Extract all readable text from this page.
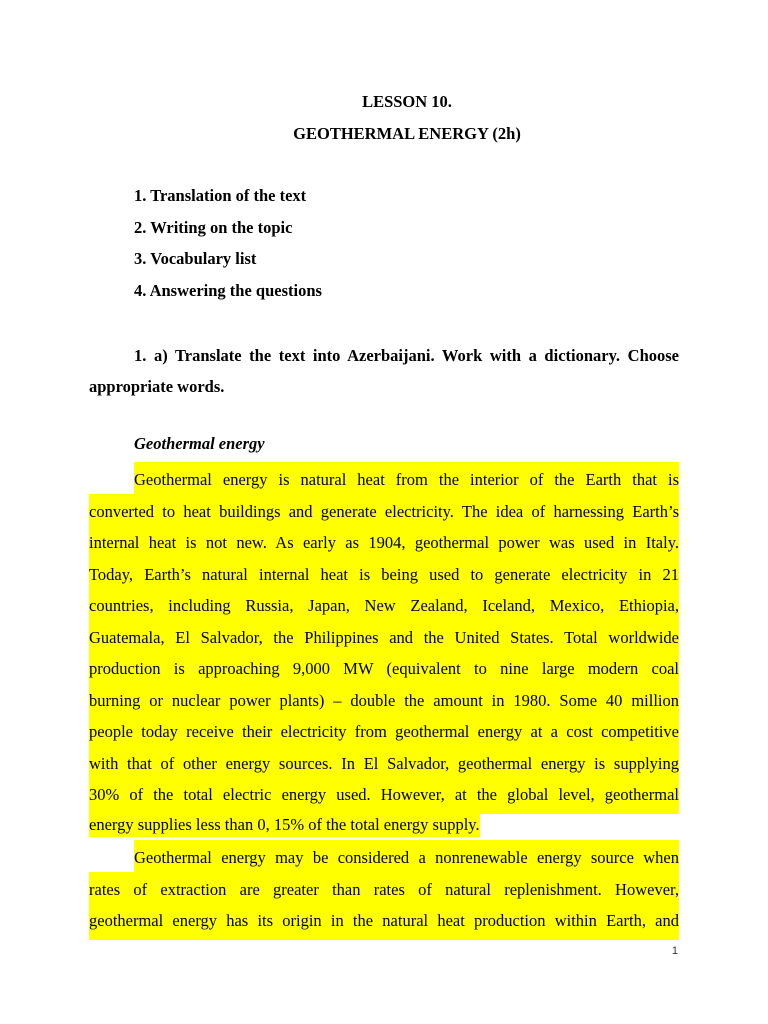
LESSON 10.
GEOTHERMAL ENERGY (2h)
1. Translation of the text
2. Writing on the topic
3. Vocabulary list
4. Answering the questions

1. a) Translate the text into Azerbaijani. Work with a dictionary. Choose appropriate words.

Geothermal energy

Geothermal energy is natural heat from the interior of the Earth that is
converted to heat buildings and generate electricity. The idea of harnessing Earth’s
internal heat is not new. As early as 1904, geothermal power was used in Italy.
Today, Earth’s natural internal heat is being used to generate electricity in 21
countries, including Russia, Japan, New Zealand, Iceland, Mexico, Ethiopia,
Guatemala, El Salvador, the Philippines and the United States. Total worldwide
production is approaching 9,000 MW (equivalent to nine large modern coal
burning or nuclear power plants) – double the amount in 1980. Some 40 million
people today receive their electricity from geothermal energy at a cost competitive
with that of other energy sources. In El Salvador, geothermal energy is supplying
30% of the total electric energy used. However, at the global level, geothermal
energy supplies less than 0, 15% of the total energy supply.
Geothermal energy may be considered a nonrenewable energy source when
rates of extraction are greater than rates of natural replenishment. However,
geothermal energy has its origin in the natural heat production within Earth, and
1
